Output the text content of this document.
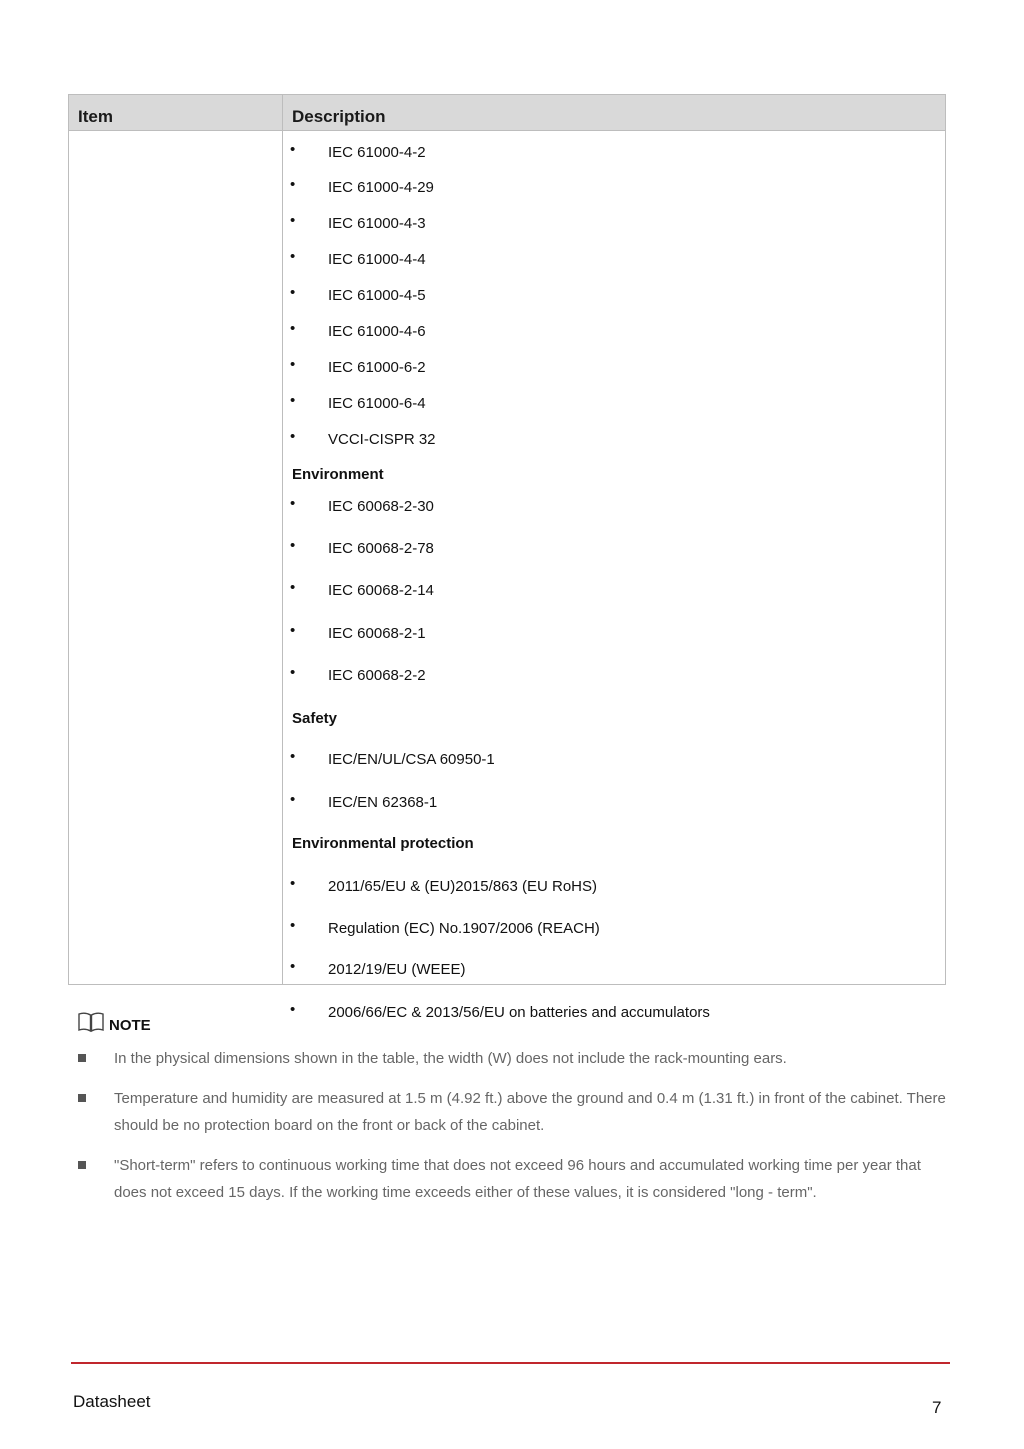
Item	Description
• IEC 61000-4-2
• IEC 61000-4-29
• IEC 61000-4-3
• IEC 61000-4-4
• IEC 61000-4-5
• IEC 61000-4-6
• IEC 61000-6-2
• IEC 61000-6-4
• VCCI-CISPR 32
Environment
• IEC 60068-2-30
• IEC 60068-2-78
• IEC 60068-2-14
• IEC 60068-2-1
• IEC 60068-2-2
Safety
• IEC/EN/UL/CSA 60950-1
• IEC/EN 62368-1
Environmental protection
• 2011/65/EU & (EU)2015/863 (EU RoHS)
• Regulation (EC) No.1907/2006 (REACH)
• 2012/19/EU (WEEE)
• 2006/66/EC & 2013/56/EU on batteries and accumulators
NOTE
In the physical dimensions shown in the table, the width (W) does not include the rack-mounting ears.
Temperature and humidity are measured at 1.5 m (4.92 ft.) above the ground and 0.4 m (1.31 ft.) in front of the cabinet. There should be no protection board on the front or back of the cabinet.
"Short-term" refers to continuous working time that does not exceed 96 hours and accumulated working time per year that does not exceed 15 days. If the working time exceeds either of these values, it is considered "long - term".
Datasheet	7
